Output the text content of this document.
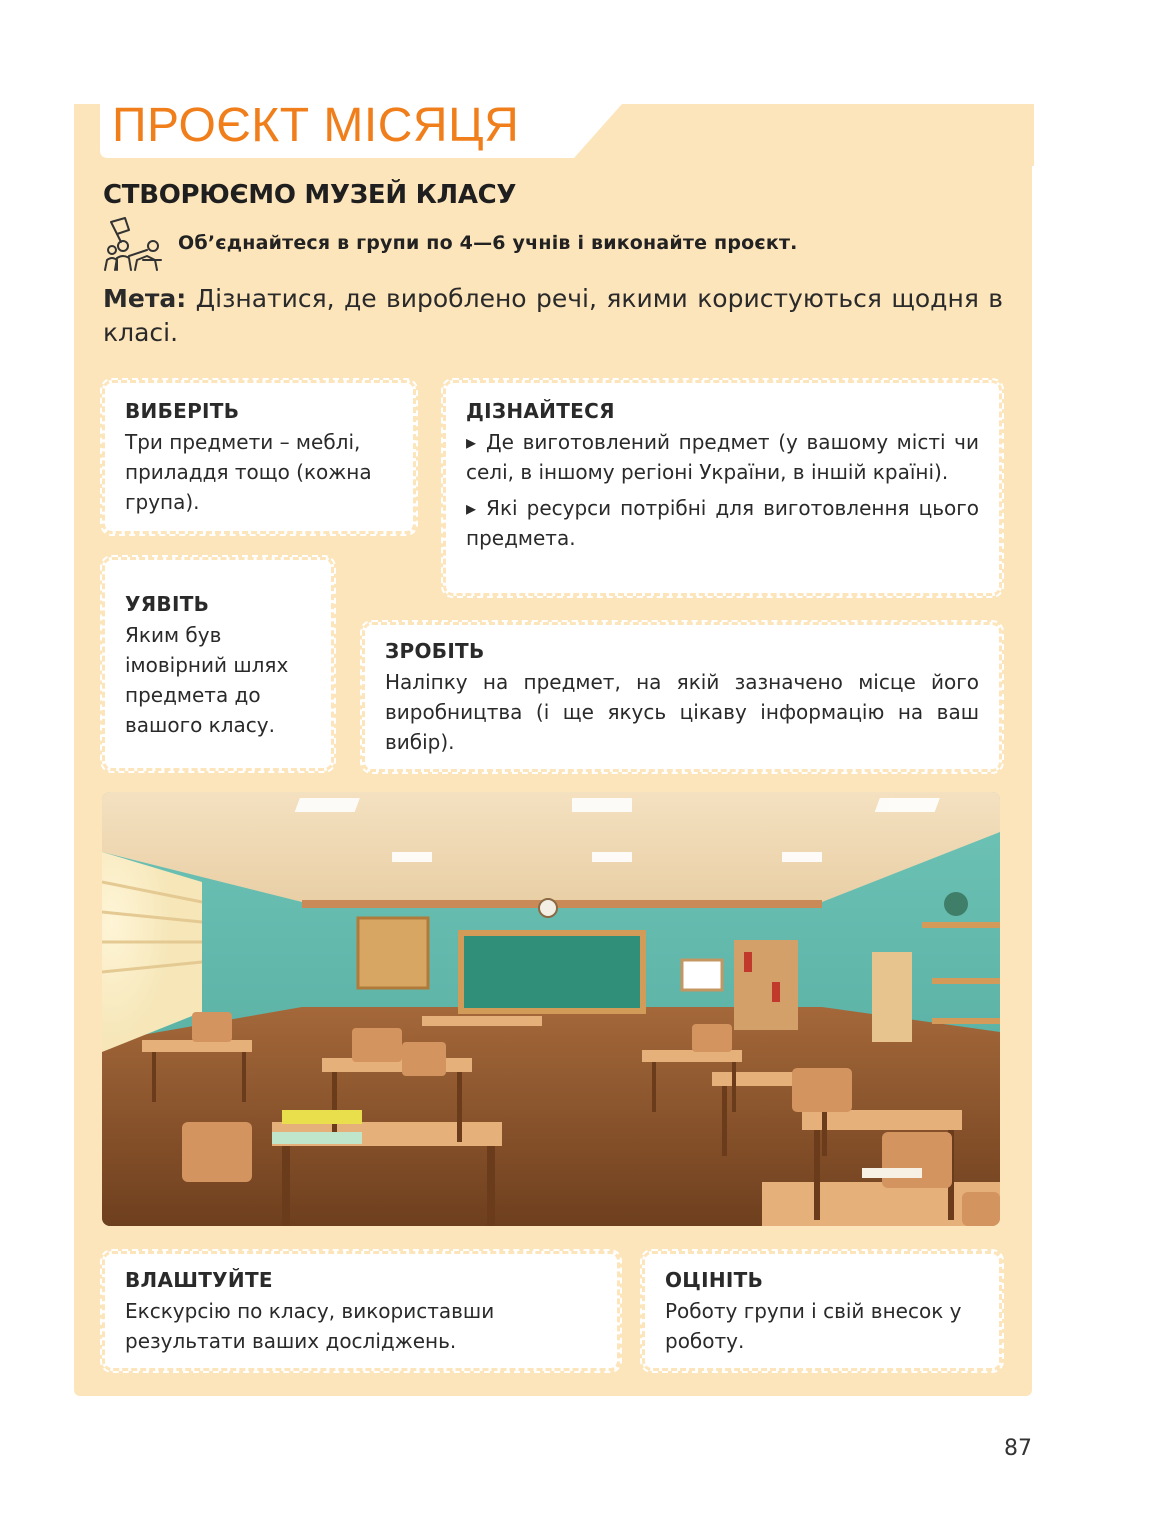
ПРОЄКТ МІСЯЦЯ
СТВОРЮЄМО МУЗЕЙ КЛАСУ
Об’єднайтеся в групи по 4—6 учнів і виконайте проєкт.
Мета: Дізнатися, де вироблено речі, якими користуються щодня в класі.
ВИБЕРІТЬ
Три предмети – меблі, приладдя тощо (кожна група).
ДІЗНАЙТЕСЯ
▸ Де виготовлений предмет (у вашому місті чи селі, в іншому регіоні України, в іншій країні).
▸ Які ресурси потрібні для виготовлення цього предмета.
УЯВІТЬ
Яким був імовірний шлях предмета до вашого класу.
ЗРОБІТЬ
Наліпку на предмет, на якій зазначено місце його виробництва (і ще якусь цікаву інформацію на ваш вибір).
ВЛАШТУЙТЕ
Екскурсію по класу, використавши результати ваших досліджень.
ОЦІНІТЬ
Роботу групи і свій внесок у роботу.
87
